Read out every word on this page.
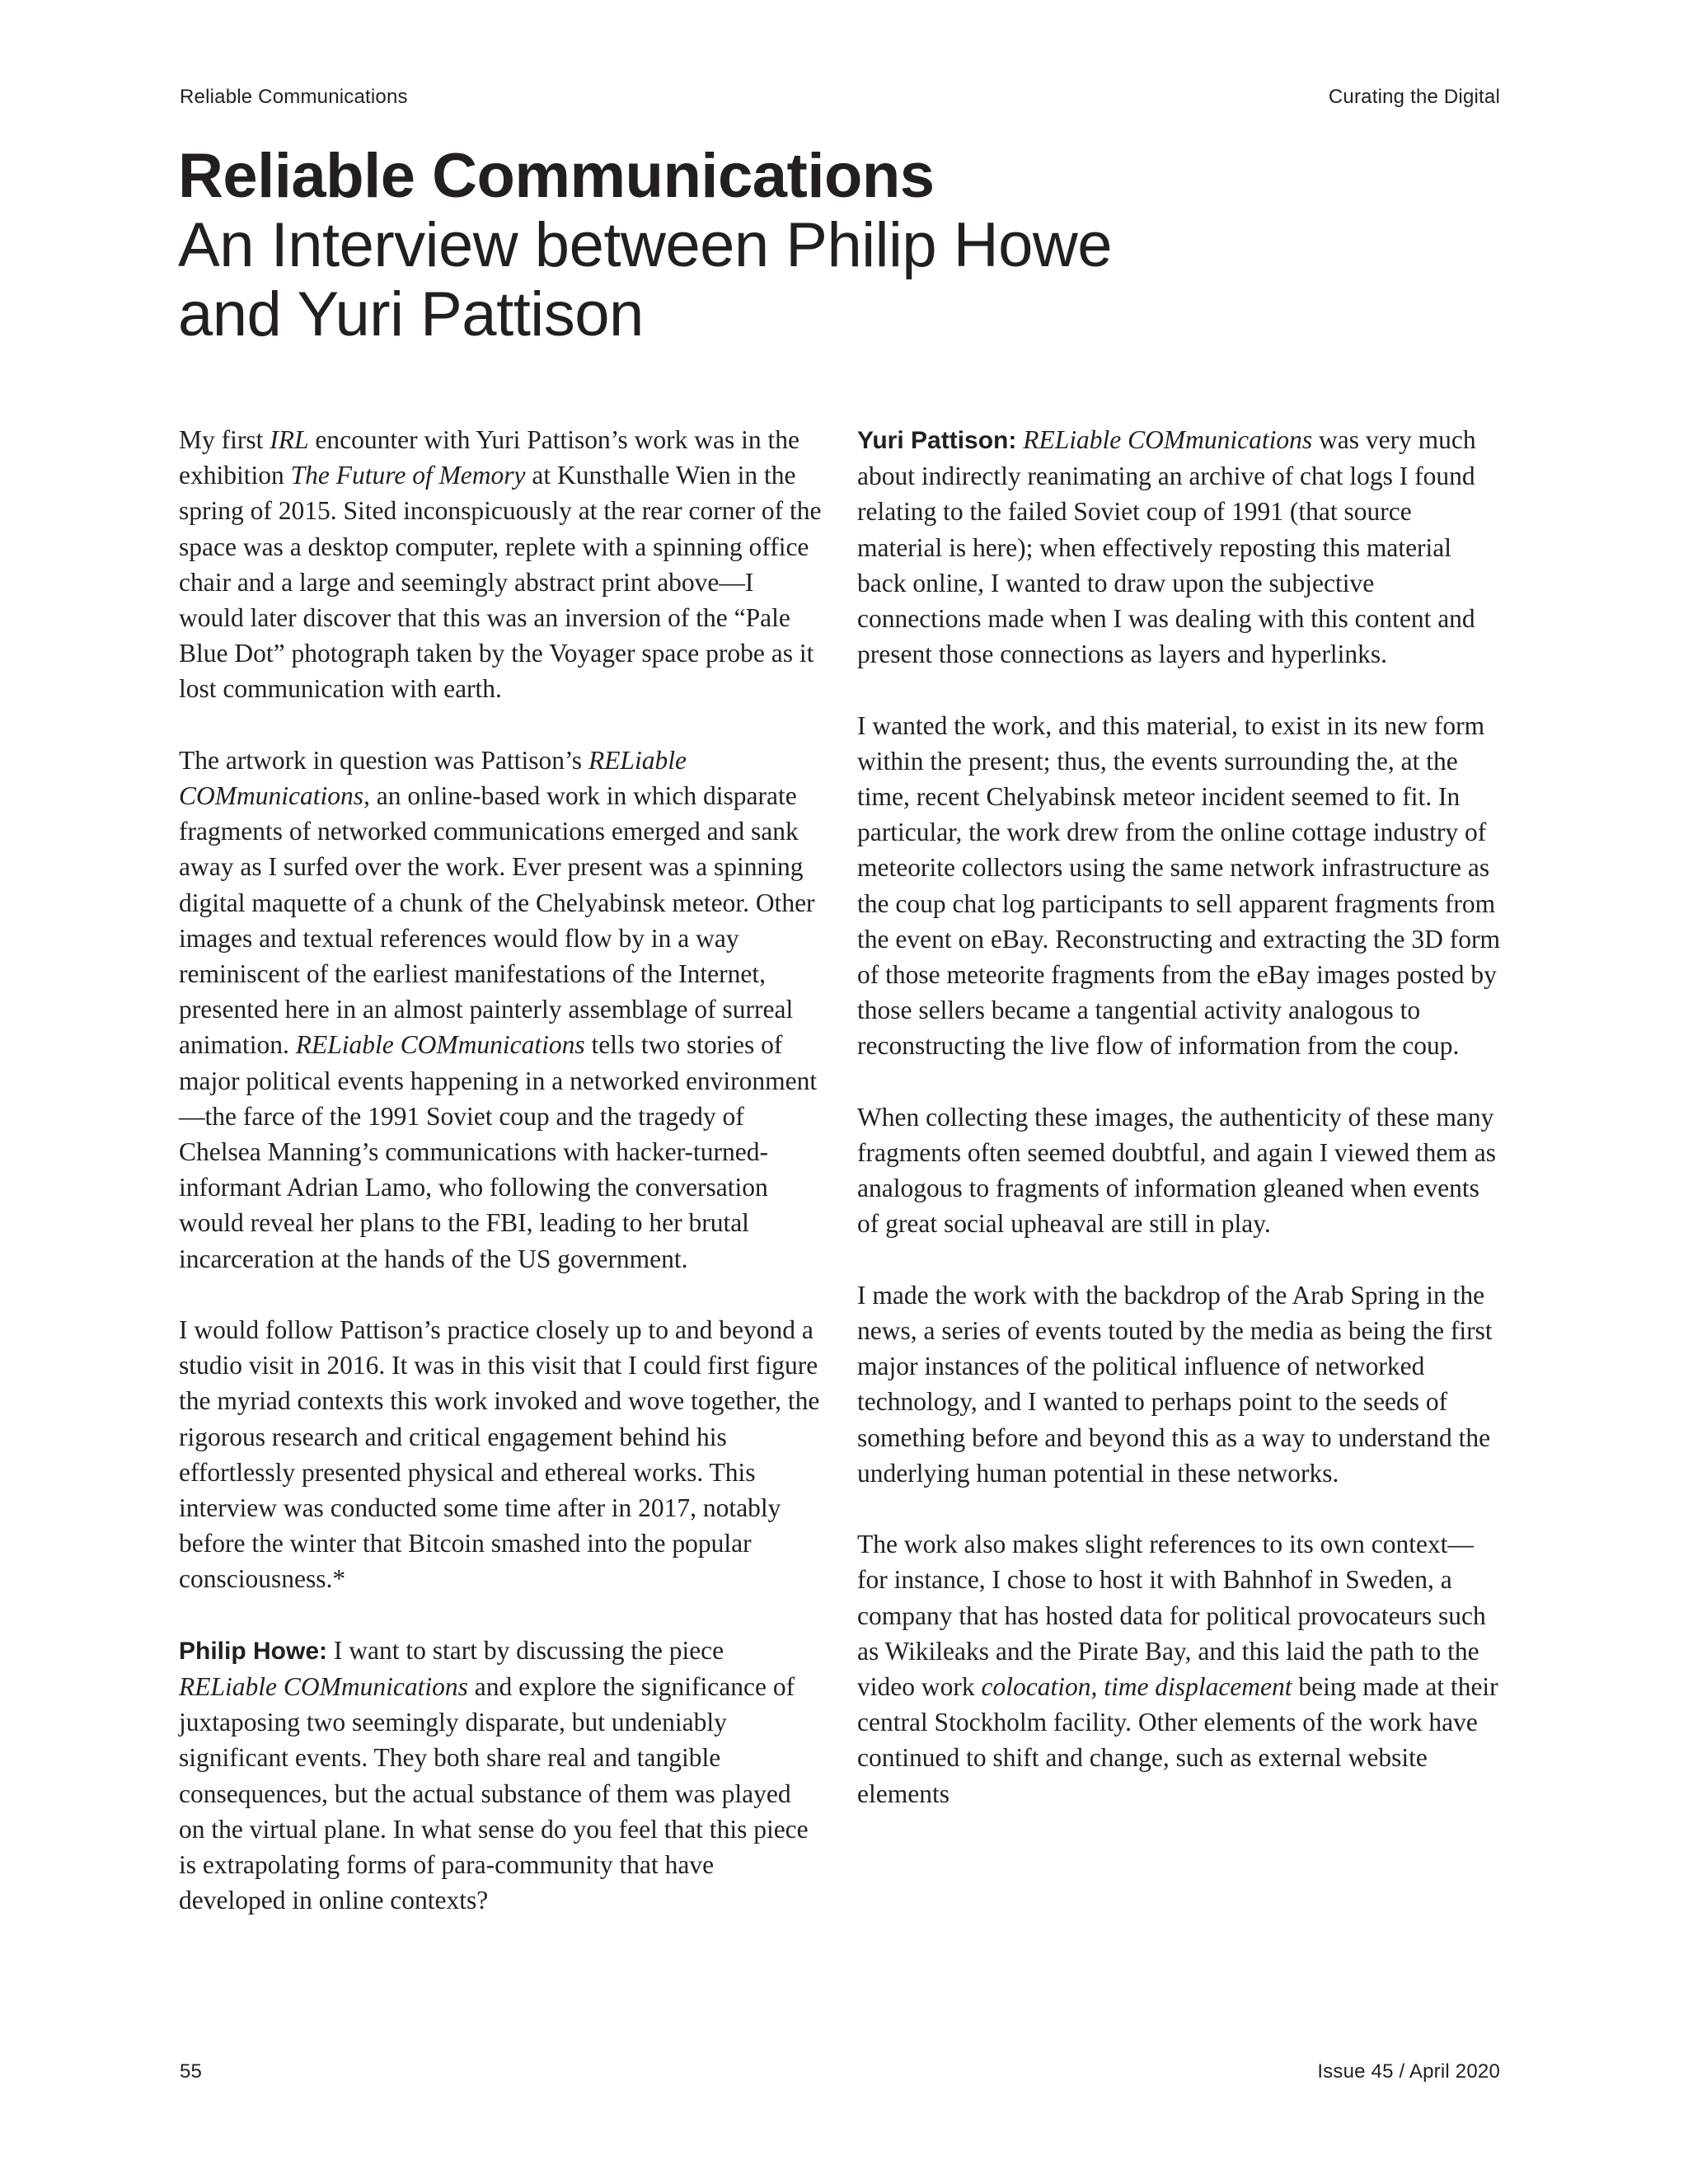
Reliable Communications	Curating the Digital
Reliable Communications
An Interview between Philip Howe and Yuri Pattison

My first IRL encounter with Yuri Pattison’s work was in the exhibition The Future of Memory at Kunsthalle Wien in the spring of 2015. Sited inconspicuously at the rear corner of the space was a desktop computer, replete with a spinning office chair and a large and seemingly abstract print above—I would later discover that this was an inversion of the “Pale Blue Dot” photograph taken by the Voyager space probe as it lost communication with earth.

The artwork in question was Pattison’s RELiable COMmunications, an online-based work in which disparate fragments of networked communications emerged and sank away as I surfed over the work. Ever present was a spinning digital maquette of a chunk of the Chelyabinsk meteor. Other images and textual references would flow by in a way reminiscent of the earliest manifestations of the Internet, presented here in an almost painterly assemblage of surreal animation. RELiable COMmunications tells two stories of major political events happening in a networked environment—the farce of the 1991 Soviet coup and the tragedy of Chelsea Manning’s communications with hacker-turned-informant Adrian Lamo, who following the conversation would reveal her plans to the FBI, leading to her brutal incarceration at the hands of the US government.

I would follow Pattison’s practice closely up to and beyond a studio visit in 2016. It was in this visit that I could first figure the myriad contexts this work invoked and wove together, the rigorous research and critical engagement behind his effortlessly presented physical and ethereal works. This interview was conducted some time after in 2017, notably before the winter that Bitcoin smashed into the popular consciousness.*

Philip Howe: I want to start by discussing the piece RELiable COMmunications and explore the significance of juxtaposing two seemingly disparate, but undeniably significant events. They both share real and tangible consequences, but the actual substance of them was played on the virtual plane. In what sense do you feel that this piece is extrapolating forms of para-community that have developed in online contexts?

Yuri Pattison: RELiable COMmunications was very much about indirectly reanimating an archive of chat logs I found relating to the failed Soviet coup of 1991 (that source material is here); when effectively reposting this material back online, I wanted to draw upon the subjective connections made when I was dealing with this content and present those connections as layers and hyperlinks.

I wanted the work, and this material, to exist in its new form within the present; thus, the events surrounding the, at the time, recent Chelyabinsk meteor incident seemed to fit. In particular, the work drew from the online cottage industry of meteorite collectors using the same network infrastructure as the coup chat log participants to sell apparent fragments from the event on eBay. Reconstructing and extracting the 3D form of those meteorite fragments from the eBay images posted by those sellers became a tangential activity analogous to reconstructing the live flow of information from the coup.

When collecting these images, the authenticity of these many fragments often seemed doubtful, and again I viewed them as analogous to fragments of information gleaned when events of great social upheaval are still in play.

I made the work with the backdrop of the Arab Spring in the news, a series of events touted by the media as being the first major instances of the political influence of networked technology, and I wanted to perhaps point to the seeds of something before and beyond this as a way to understand the underlying human potential in these networks.

The work also makes slight references to its own context—for instance, I chose to host it with Bahnhof in Sweden, a company that has hosted data for political provocateurs such as Wikileaks and the Pirate Bay, and this laid the path to the video work colocation, time displacement being made at their central Stockholm facility. Other elements of the work have continued to shift and change, such as external website elements

55	Issue 45 / April 2020
